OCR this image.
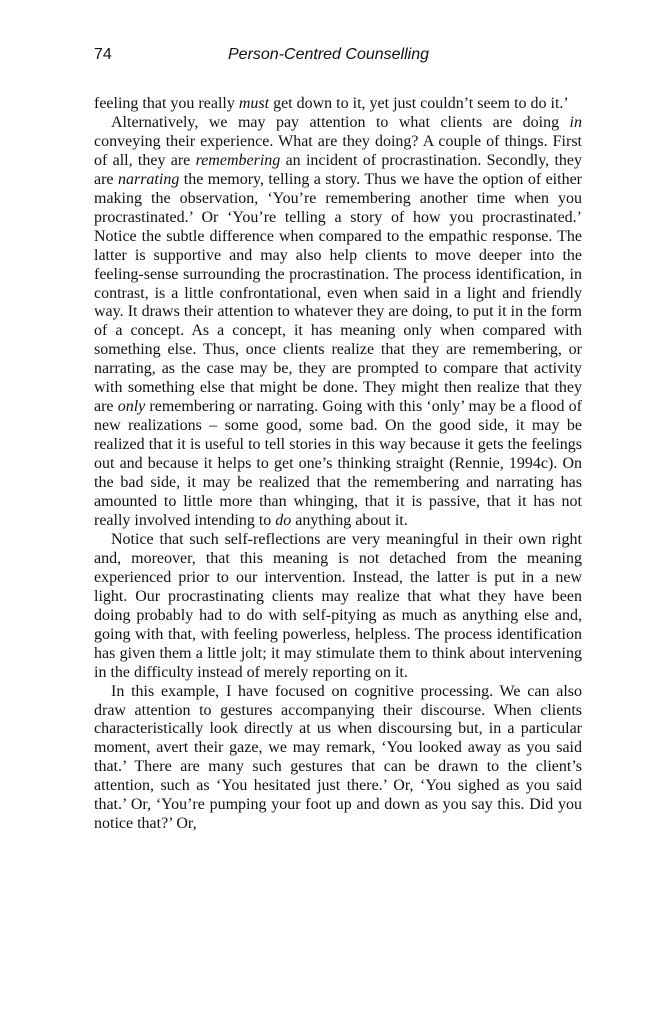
74	Person-Centred Counselling

feeling that you really must get down to it, yet just couldn’t seem to do it.’

Alternatively, we may pay attention to what clients are doing in conveying their experience. What are they doing? A couple of things. First of all, they are remembering an incident of procrastination. Secondly, they are narrating the memory, telling a story. Thus we have the option of either making the observation, ‘You’re remembering another time when you procrastinated.’ Or ‘You’re telling a story of how you procrastinated.’ Notice the subtle difference when compared to the empathic response. The latter is supportive and may also help clients to move deeper into the feeling-sense surrounding the procrastination. The process identification, in contrast, is a little confrontational, even when said in a light and friendly way. It draws their attention to whatever they are doing, to put it in the form of a concept. As a concept, it has meaning only when compared with something else. Thus, once clients realize that they are remembering, or narrating, as the case may be, they are prompted to compare that activity with something else that might be done. They might then realize that they are only remembering or narrating. Going with this ‘only’ may be a flood of new realizations – some good, some bad. On the good side, it may be realized that it is useful to tell stories in this way because it gets the feelings out and because it helps to get one’s thinking straight (Rennie, 1994c). On the bad side, it may be realized that the remembering and narrating has amounted to little more than whinging, that it is passive, that it has not really involved intending to do anything about it.

Notice that such self-reflections are very meaningful in their own right and, moreover, that this meaning is not detached from the meaning experienced prior to our intervention. Instead, the latter is put in a new light. Our procrastinating clients may realize that what they have been doing probably had to do with self-pitying as much as anything else and, going with that, with feeling powerless, helpless. The process identification has given them a little jolt; it may stimulate them to think about intervening in the difficulty instead of merely reporting on it.

In this example, I have focused on cognitive processing. We can also draw attention to gestures accompanying their discourse. When clients characteristically look directly at us when discoursing but, in a particular moment, avert their gaze, we may remark, ‘You looked away as you said that.’ There are many such gestures that can be drawn to the client’s attention, such as ‘You hesitated just there.’ Or, ‘You sighed as you said that.’ Or, ‘You’re pumping your foot up and down as you say this. Did you notice that?’ Or,
